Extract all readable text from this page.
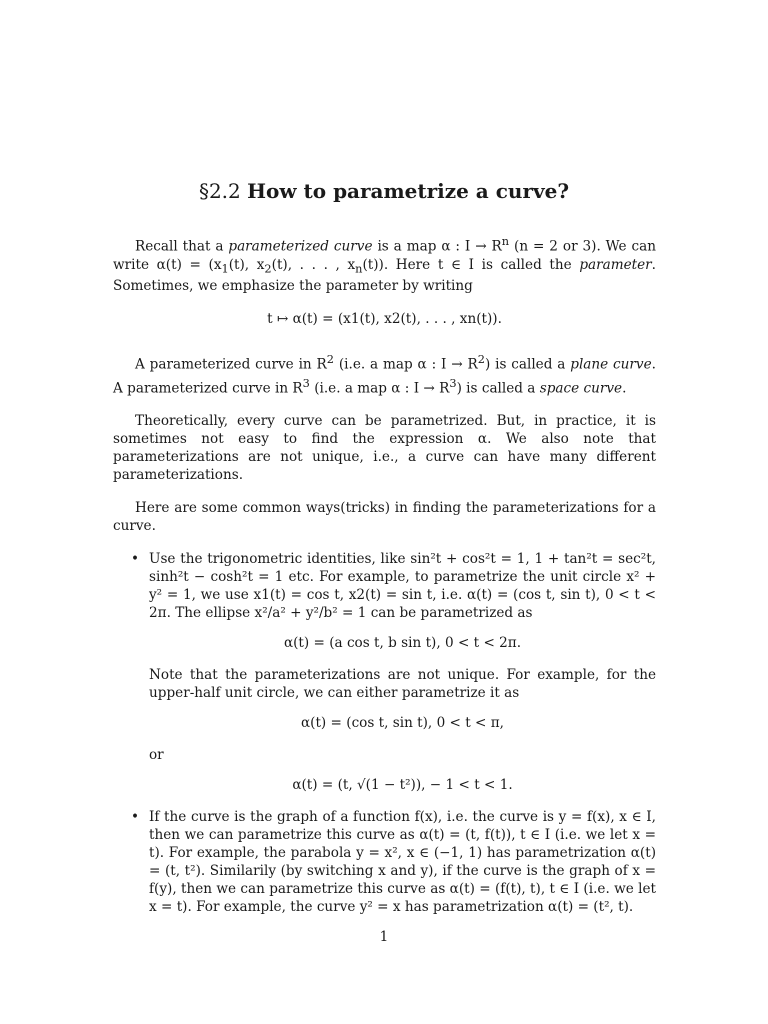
§2.2 How to parametrize a curve?

Recall that a parameterized curve is a map α : $I \to R^n$ (n = 2 or 3). We can write $\alpha(t) = (x_1(t)$, $x_2(t)$, . . . , $x_n(t)$). Here t ∈ I is called the parameter. Sometimes, we emphasize the parameter by writing

t ↦ α(t) = (x1(t), x2(t), . . . , xn(t)).

A parameterized curve in $R^2$ (i.e. a map α : $I \to R^2$) is called a plane curve. A parameterized curve in $R^3$ (i.e. a map α : $I \to R^3$) is called a space curve.

Theoretically, every curve can be parametrized. But, in practice, it is sometimes not easy to find the expression α. We also note that parameterizations are not unique, i.e., a curve can have many different parameterizations.

Here are some common ways(tricks) in finding the parameterizations for a curve.

• Use the trigonometric identities, like sin²t + cos²t = 1, 1 + tan²t = sec²t, sinh²t − cosh²t = 1 etc. For example, to parametrize the unit circle x² + y² = 1, we use x1(t) = cos t, x2(t) = sin t, i.e. α(t) = (cos t, sin t), 0 < t < 2π. The ellipse x²/a² + y²/b² = 1 can be parametrized as

α(t) = (a cos t, b sin t), 0 < t < 2π.

Note that the parameterizations are not unique. For example, for the upper-half unit circle, we can either parametrize it as

α(t) = (cos t, sin t), 0 < t < π,

or

α(t) = (t, √(1 − t²)), − 1 < t < 1.

• If the curve is the graph of a function f(x), i.e. the curve is y = f(x), x ∈ I, then we can parametrize this curve as α(t) = (t, f(t)), t ∈ I (i.e. we let x = t). For example, the parabola y = x², x ∈ (−1, 1) has parametrization α(t) = (t, t²). Similarily (by switching x and y), if the curve is the graph of x = f(y), then we can parametrize this curve as α(t) = (f(t), t), t ∈ I (i.e. we let x = t). For example, the curve y² = x has parametrization α(t) = (t², t).

1
